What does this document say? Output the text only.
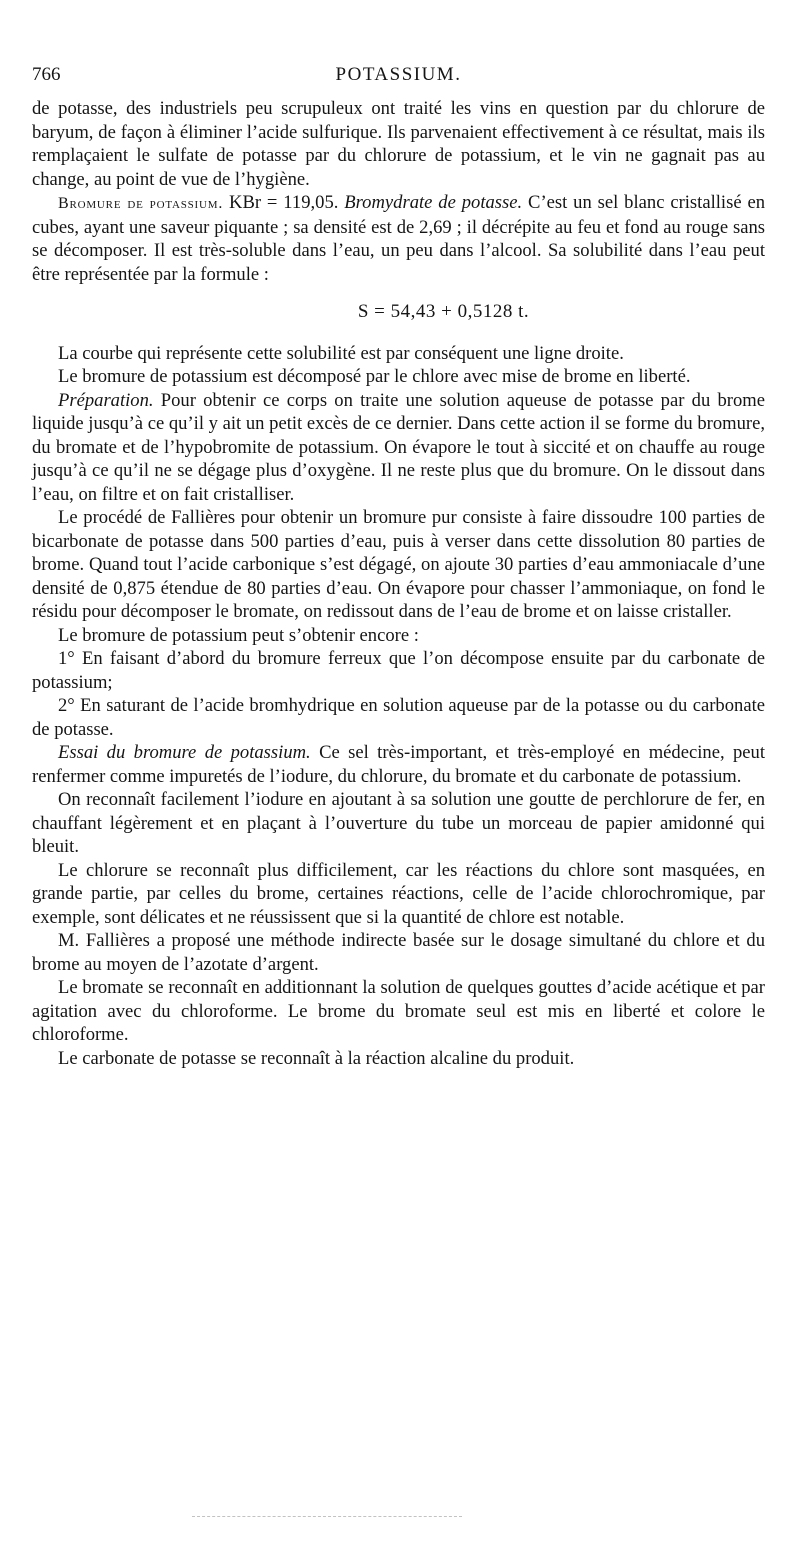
766	POTASSIUM.

de potasse, des industriels peu scrupuleux ont traité les vins en question par du chlorure de baryum, de façon à éliminer l’acide sulfurique. Ils parvenaient effectivement à ce résultat, mais ils remplaçaient le sulfate de potasse par du chlorure de potassium, et le vin ne gagnait pas au change, au point de vue de l’hygiène.

Bromure de potassium. KBr = 119,05. Bromydrate de potasse. C’est un sel blanc cristallisé en cubes, ayant une saveur piquante ; sa densité est de 2,69 ; il décrépite au feu et fond au rouge sans se décomposer. Il est très-soluble dans l’eau, un peu dans l’alcool. Sa solubilité dans l’eau peut être représentée par la formule :

S = 54,43 + 0,5128 t.

La courbe qui représente cette solubilité est par conséquent une ligne droite.

Le bromure de potassium est décomposé par le chlore avec mise de brome en liberté.

Préparation. Pour obtenir ce corps on traite une solution aqueuse de potasse par du brome liquide jusqu’à ce qu’il y ait un petit excès de ce dernier. Dans cette action il se forme du bromure, du bromate et de l’hypobromite de potassium. On évapore le tout à siccité et on chauffe au rouge jusqu’à ce qu’il ne se dégage plus d’oxygène. Il ne reste plus que du bromure. On le dissout dans l’eau, on filtre et on fait cristalliser.

Le procédé de Fallières pour obtenir un bromure pur consiste à faire dissoudre 100 parties de bicarbonate de potasse dans 500 parties d’eau, puis à verser dans cette dissolution 80 parties de brome. Quand tout l’acide carbonique s’est dégagé, on ajoute 30 parties d’eau ammoniacale d’une densité de 0,875 étendue de 80 parties d’eau. On évapore pour chasser l’ammoniaque, on fond le résidu pour décomposer le bromate, on redissout dans de l’eau de brome et on laisse cristaller.

Le bromure de potassium peut s’obtenir encore :

1° En faisant d’abord du bromure ferreux que l’on décompose ensuite par du carbonate de potassium;

2° En saturant de l’acide bromhydrique en solution aqueuse par de la potasse ou du carbonate de potasse.

Essai du bromure de potassium. Ce sel très-important, et très-employé en médecine, peut renfermer comme impuretés de l’iodure, du chlorure, du bromate et du carbonate de potassium.

On reconnaît facilement l’iodure en ajoutant à sa solution une goutte de perchlorure de fer, en chauffant légèrement et en plaçant à l’ouverture du tube un morceau de papier amidonné qui bleuit.

Le chlorure se reconnaît plus difficilement, car les réactions du chlore sont masquées, en grande partie, par celles du brome, certaines réactions, celle de l’acide chlorochromique, par exemple, sont délicates et ne réussissent que si la quantité de chlore est notable.

M. Fallières a proposé une méthode indirecte basée sur le dosage simultané du chlore et du brome au moyen de l’azotate d’argent.

Le bromate se reconnaît en additionnant la solution de quelques gouttes d’acide acétique et par agitation avec du chloroforme. Le brome du bromate seul est mis en liberté et colore le chloroforme.

Le carbonate de potasse se reconnaît à la réaction alcaline du produit.
